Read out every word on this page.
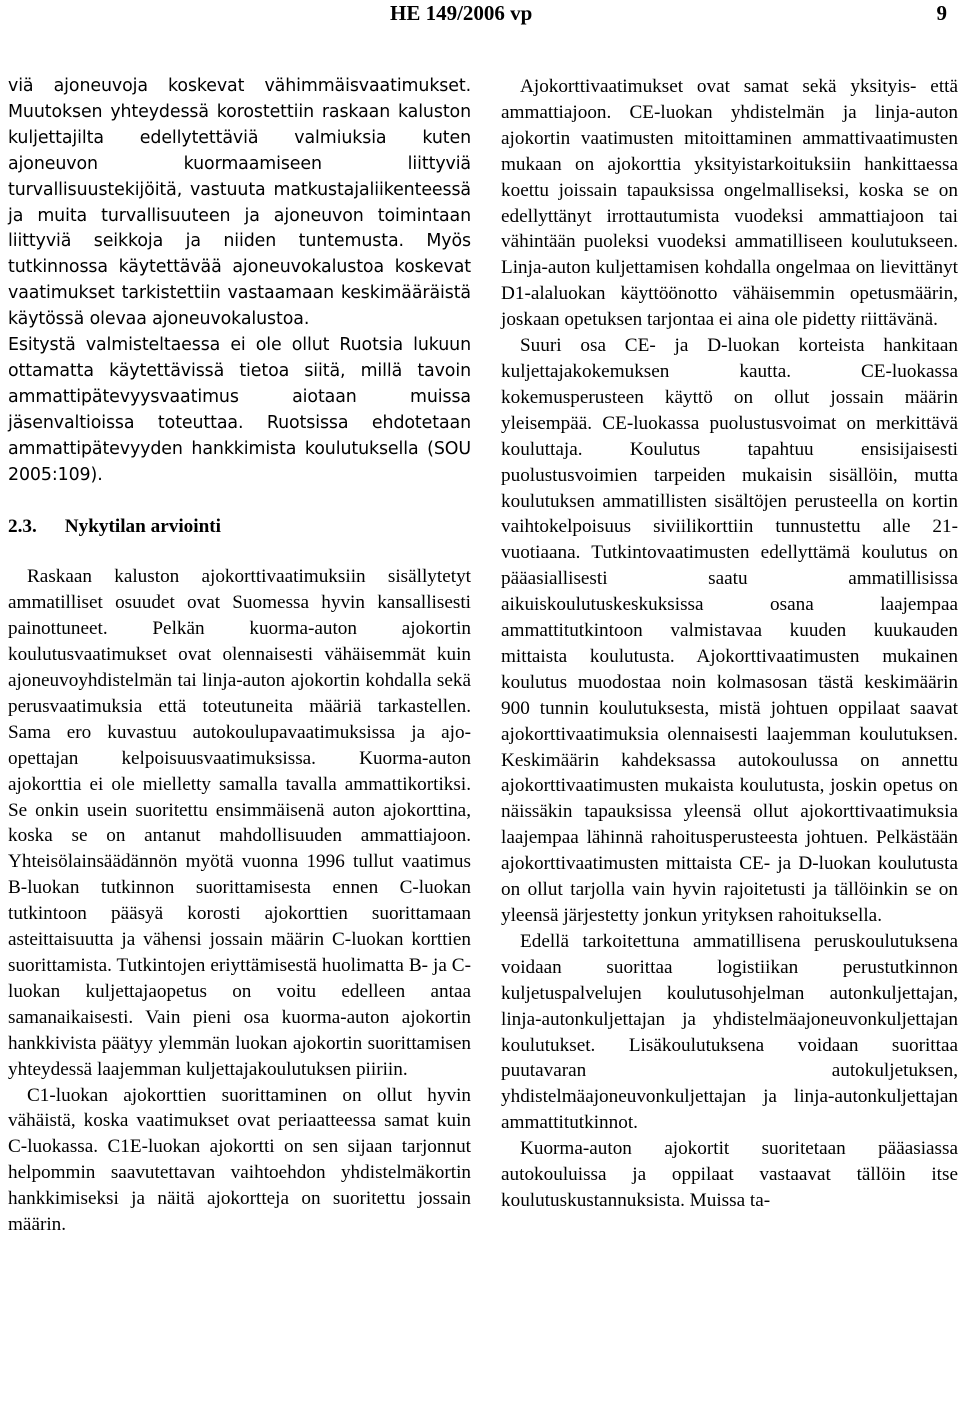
HE 149/2006 vp	9

viä ajoneuvoja koskevat vähimmäisvaatimukset. Muutoksen yhteydessä korostettiin raskaan kaluston kuljettajilta edellytettäviä valmiuksia kuten ajoneuvon kuormaamiseen liittyviä turvallisuustekijöitä, vastuuta matkustajaliikenteessä ja muita turvallisuuteen ja ajoneuvon toimintaan liittyviä seikkoja ja niiden tuntemusta. Myös tutkinnossa käytettävää ajoneuvokalustoa koskevat vaatimukset tarkistettiin vastaamaan keskimääräistä käytössä olevaa ajoneuvokalustoa.

Esitystä valmisteltaessa ei ole ollut Ruotsia lukuun ottamatta käytettävissä tietoa siitä, millä tavoin ammattipätevyysvaatimus aiotaan muissa jäsenvaltioissa toteuttaa. Ruotsissa ehdotetaan ammattipätevyyden hankkimista koulutuksella (SOU 2005:109).

2.3. Nykytilan arviointi

Raskaan kaluston ajokorttivaatimuksiin sisällytetyt ammatilliset osuudet ovat Suomessa hyvin kansallisesti painottuneet. Pelkän kuorma-auton ajokortin koulutusvaatimukset ovat olennaisesti vähäisemmät kuin ajoneuvoyhdistelmän tai linja-auton ajokortin kohdalla sekä perusvaatimuksia että toteutuneita määriä tarkastellen. Sama ero kuvastuu autokoulupavaatimuksissa ja ajo-opettajan kelpoisuusvaatimuksissa. Kuorma-auton ajokorttia ei ole mielletty samalla tavalla ammattikortiksi. Se onkin usein suoritettu ensimmäisenä auton ajokorttina, koska se on antanut mahdollisuuden ammattiajoon. Yhteisölainsäädännön myötä vuonna 1996 tullut vaatimus B-luokan tutkinnon suorittamisesta ennen C-luokan tutkintoon pääsyä korosti ajokorttien suorittamaan asteittaisuutta ja vähensi jossain määrin C-luokan korttien suorittamista. Tutkintojen eriyttämisestä huolimatta B- ja C-luokan kuljettajaopetus on voitu edelleen antaa samanaikaisesti. Vain pieni osa kuorma-auton ajokortin hankkivista päätyy ylemmän luokan ajokortin suorittamisen yhteydessä laajemman kuljettajakoulutuksen piiriin.

C1-luokan ajokorttien suorittaminen on ollut hyvin vähäistä, koska vaatimukset ovat periaatteessa samat kuin C-luokassa. C1E-luokan ajokortti on sen sijaan tarjonnut helpommin saavutettavan vaihtoehdon yhdistelmäkortin hankkimiseksi ja näitä ajokortteja on suoritettu jossain määrin.

Ajokorttivaatimukset ovat samat sekä yksityis- että ammattiajoon. CE-luokan yhdistelmän ja linja-auton ajokortin vaatimusten mitoittaminen ammattivaatimusten mukaan on ajokorttia yksityistarkoituksiin hankittaessa koettu joissain tapauksissa ongelmalliseksi, koska se on edellyttänyt irrottautumista vuodeksi ammattiajoon tai vähintään puoleksi vuodeksi ammatilliseen koulutukseen. Linja-auton kuljettamisen kohdalla ongelmaa on lievittänyt D1-alaluokan käyttöönotto vähäisemmin opetusmäärin, joskaan opetuksen tarjontaa ei aina ole pidetty riittävänä.

Suuri osa CE- ja D-luokan korteista hankitaan kuljettajakokemuksen kautta. CE-luokassa kokemusperusteen käyttö on ollut jossain määrin yleisempää. CE-luokassa puolustusvoimat on merkittävä kouluttaja. Koulutus tapahtuu ensisijaisesti puolustusvoimien tarpeiden mukaisin sisällöin, mutta koulutuksen ammatillisten sisältöjen perusteella on kortin vaihtokelpoisuus siviilikorttiin tunnustettu alle 21-vuotiaana. Tutkintovaatimusten edellyttämä koulutus on pääasiallisesti saatu ammatillisissa aikuiskoulutuskeskuksissa osana laajempaa ammattitutkintoon valmistavaa kuuden kuukauden mittaista koulutusta. Ajokorttivaatimusten mukainen koulutus muodostaa noin kolmasosan tästä keskimäärin 900 tunnin koulutuksesta, mistä johtuen oppilaat saavat ajokorttivaatimuksia olennaisesti laajemman koulutuksen. Keskimäärin kahdeksassa autokoulussa on annettu ajokorttivaatimusten mukaista koulutusta, joskin opetus on näissäkin tapauksissa yleensä ollut ajokorttivaatimuksia laajempaa lähinnä rahoitusperusteesta johtuen. Pelkästään ajokorttivaatimusten mittaista CE- ja D-luokan koulutusta on ollut tarjolla vain hyvin rajoitetusti ja tällöinkin se on yleensä järjestetty jonkun yrityksen rahoituksella.

Edellä tarkoitettuna ammatillisena peruskoulutuksena voidaan suorittaa logistiikan perustutkinnon kuljetuspalvelujen koulutusohjelman autonkuljettajan, linja-autonkuljettajan ja yhdistelmäajoneuvonkuljettajan koulutukset. Lisäkoulutuksena voidaan suorittaa puutavaran autokuljetuksen, yhdistelmäajoneuvonkuljettajan ja linja-autonkuljettajan ammattitutkinnot.

Kuorma-auton ajokortit suoritetaan pääasiassa autokouluissa ja oppilaat vastaavat tällöin itse koulutuskustannuksista. Muissa ta-
